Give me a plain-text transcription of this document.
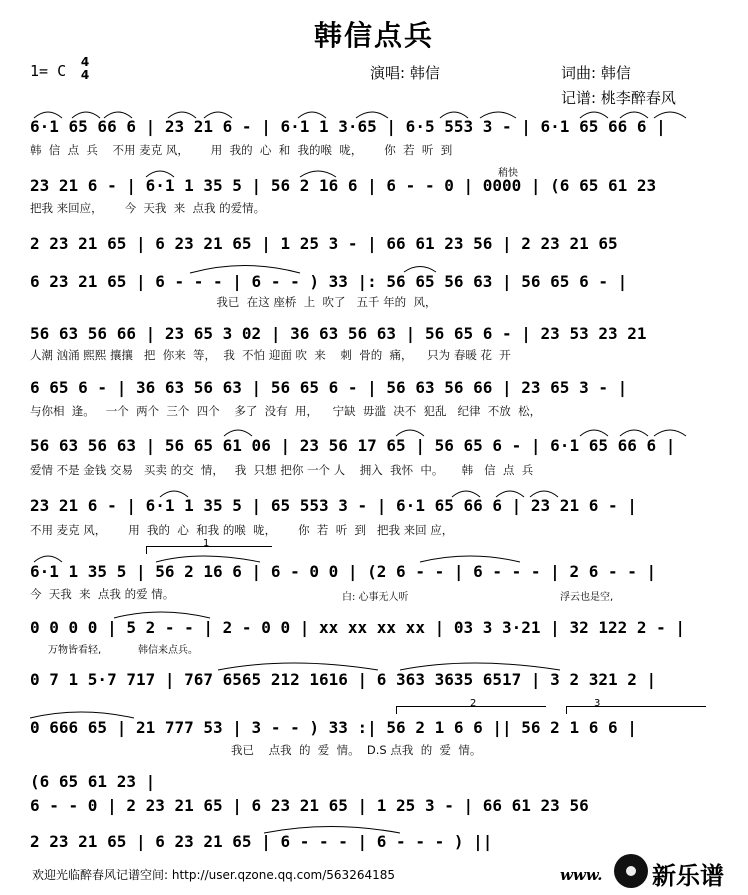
韩信点兵
1= C 4
4	演唱: 韩信	词曲: 韩信
记谱: 桃李醉春风
6·1 65 66 6 | 23 21 6 - | 6·1 1 3·65 | 6·5 553 3 - | 6·1 65 66 6 |
韩  信  点  兵    不用 麦克 风，      用  我的  心  和  我的喉  咙，      你  若  听  到
稍快
23 21 6 - | 6·1 1 35 5 | 56 2 16 6 | 6 - - 0 | 0000 | (6 65 61 23
把我 来回应，      今  天我  来  点我 的爱情。
2 23 21 65 | 6 23 21 65 | 1 25 3 - | 66 61 23 56 | 2 23 21 65
6 23 21 65 | 6 - - - | 6 - - ) 33 |: 56 65 56 63 | 56 65 6 - |
我已  在这 座桥  上  吹了   五千 年的  风，
56 63 56 66 | 23 65 3 02 | 36 63 56 63 | 56 65 6 - | 23 53 23 21
人潮 汹涌 熙熙 攘攘   把  你来  等，  我  不怕 迎面 吹  来    刺  骨的  痛，    只为 春暖 花  开
6 65 6 - | 36 63 56 63 | 56 65 6 - | 56 63 56 66 | 23 65 3 - |
与你相  逢。   一个  两个  三个  四个    多了  没有  用，    宁缺  毋滥  决不  犯乱   纪律  不放  松，
56 63 56 63 | 56 65 61 06 | 23 56 17 65 | 56 65 6 - | 6·1 65 66 6 |
爱情 不是 金钱 交易   买卖 的交  情，   我  只想 把你 一个 人    拥入  我怀  中。     韩   信  点  兵
23 21 6 - | 6·1 1 35 5 | 65 553 3 - | 6·1 65 66 6 | 23 21 6 - |
不用 麦克 风，      用  我的  心  和我 的喉  咙，      你  若  听  到   把我 来回 应，
1
6·1 1 35 5 | 56 2 16 6 | 6 - 0 0 | (2 6 - - | 6 - - - | 2 6 - - |
今  天我  来  点我 的爱 情。	白: 心事无人听	浮云也是空,
0 0 0 0 | 5 2 - - | 2 - 0 0 | xx xx xx xx | 03 3 3·21 | 32 122 2 - |
万物皆看轻,	韩信来点兵。
0 7 1 5·7 717 | 767 6565 212 1616 | 6 363 3635 6517 | 3 2 321 2 |
2	3
0 666 65 | 21 777 53 | 3 - - ) 33 :| 56 2 1 6 6 || 56 2 1 6 6 |
我已    点我  的  爱  情。  D.S 点我  的  爱  情。
(6 65 61 23 |
6 - - 0 | 2 23 21 65 | 6 23 21 65 | 1 25 3 - | 66 61 23 56
2 23 21 65 | 6 23 21 65 | 6 - - - | 6 - - - ) ||
欢迎光临醉春风记谱空间: http://user.qzone.qq.com/563264185	www. 新乐谱
